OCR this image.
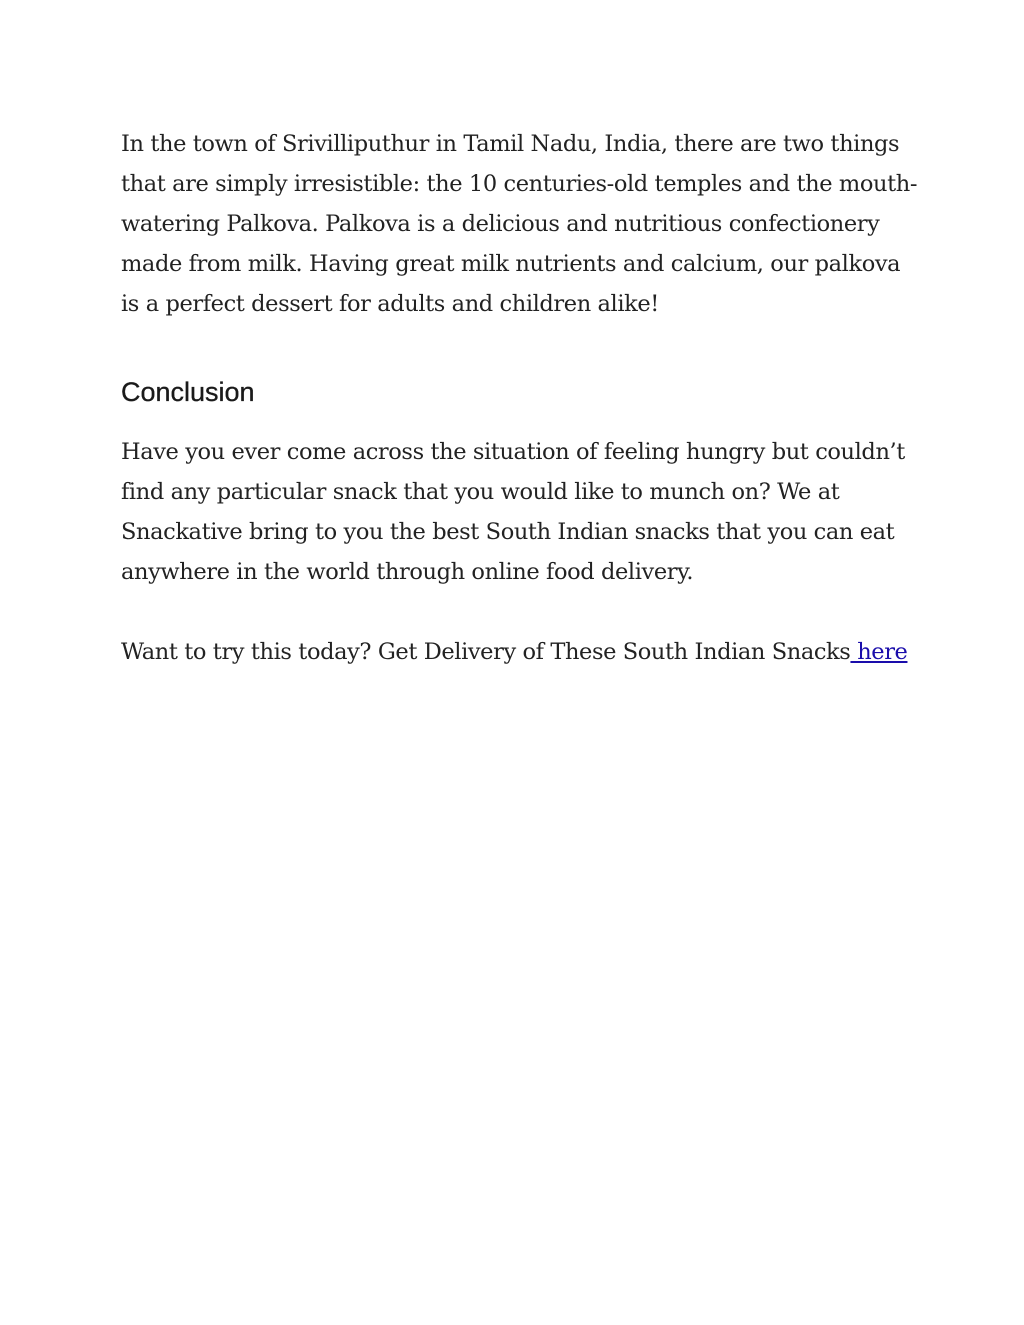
In the town of Srivilliputhur in Tamil Nadu, India, there are two things that are simply irresistible: the 10 centuries-old temples and the mouth-watering Palkova. Palkova is a delicious and nutritious confectionery made from milk. Having great milk nutrients and calcium, our palkova is a perfect dessert for adults and children alike!

Conclusion

Have you ever come across the situation of feeling hungry but couldn’t find any particular snack that you would like to munch on? We at Snackative bring to you the best South Indian snacks that you can eat anywhere in the world through online food delivery.

Want to try this today? Get Delivery of These South Indian Snacks here
